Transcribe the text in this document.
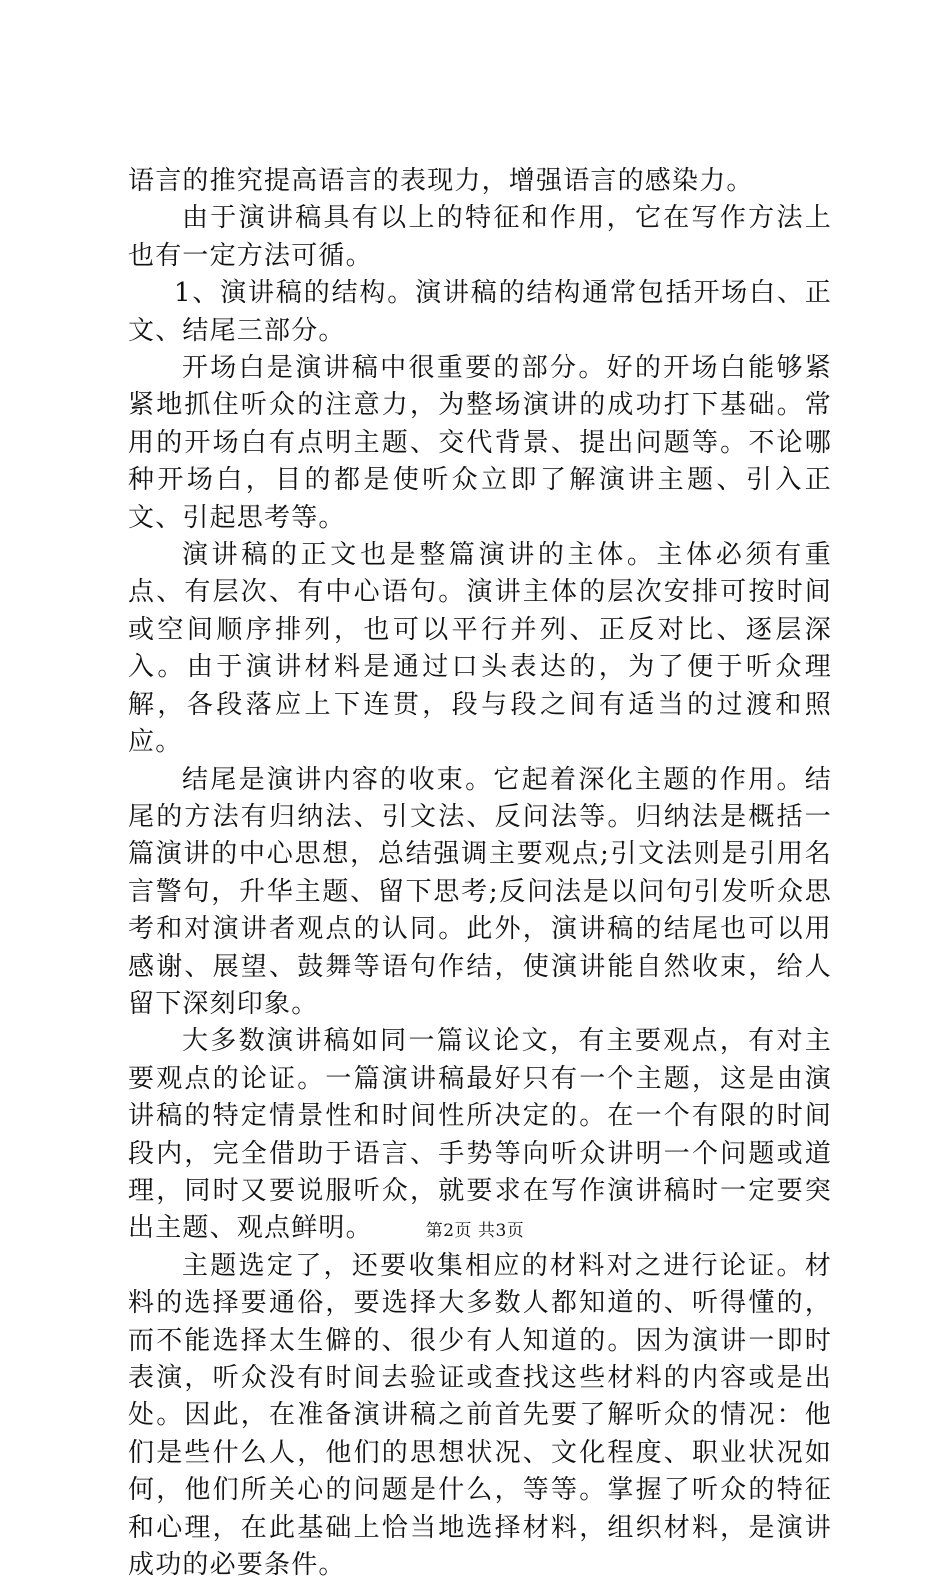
语言的推究提高语言的表现力，增强语言的感染力。

由于演讲稿具有以上的特征和作用，它在写作方法上也有一定方法可循。

1、演讲稿的结构。演讲稿的结构通常包括开场白、正文、结尾三部分。

开场白是演讲稿中很重要的部分。好的开场白能够紧紧地抓住听众的注意力，为整场演讲的成功打下基础。常用的开场白有点明主题、交代背景、提出问题等。不论哪种开场白，目的都是使听众立即了解演讲主题、引入正文、引起思考等。

演讲稿的正文也是整篇演讲的主体。主体必须有重点、有层次、有中心语句。演讲主体的层次安排可按时间或空间顺序排列，也可以平行并列、正反对比、逐层深入。由于演讲材料是通过口头表达的，为了便于听众理解，各段落应上下连贯，段与段之间有适当的过渡和照应。

结尾是演讲内容的收束。它起着深化主题的作用。结尾的方法有归纳法、引文法、反问法等。归纳法是概括一篇演讲的中心思想，总结强调主要观点;引文法则是引用名言警句，升华主题、留下思考;反问法是以问句引发听众思考和对演讲者观点的认同。此外，演讲稿的结尾也可以用感谢、展望、鼓舞等语句作结，使演讲能自然收束，给人留下深刻印象。

大多数演讲稿如同一篇议论文，有主要观点，有对主要观点的论证。一篇演讲稿最好只有一个主题，这是由演讲稿的特定情景性和时间性所决定的。在一个有限的时间段内，完全借助于语言、手势等向听众讲明一个问题或道理，同时又要说服听众，就要求在写作演讲稿时一定要突出主题、观点鲜明。

主题选定了，还要收集相应的材料对之进行论证。材料的选择要通俗，要选择大多数人都知道的、听得懂的，而不能选择太生僻的、很少有人知道的。因为演讲一即时表演，听众没有时间去验证或查找这些材料的内容或是出处。因此，在准备演讲稿之前首先要了解听众的情况：他们是些什么人，他们的思想状况、文化程度、职业状况如何，他们所关心的问题是什么，等等。掌握了听众的特征和心理，在此基础上恰当地选择材料，组织材料，是演讲成功的必要条件。

第2页 共3页
